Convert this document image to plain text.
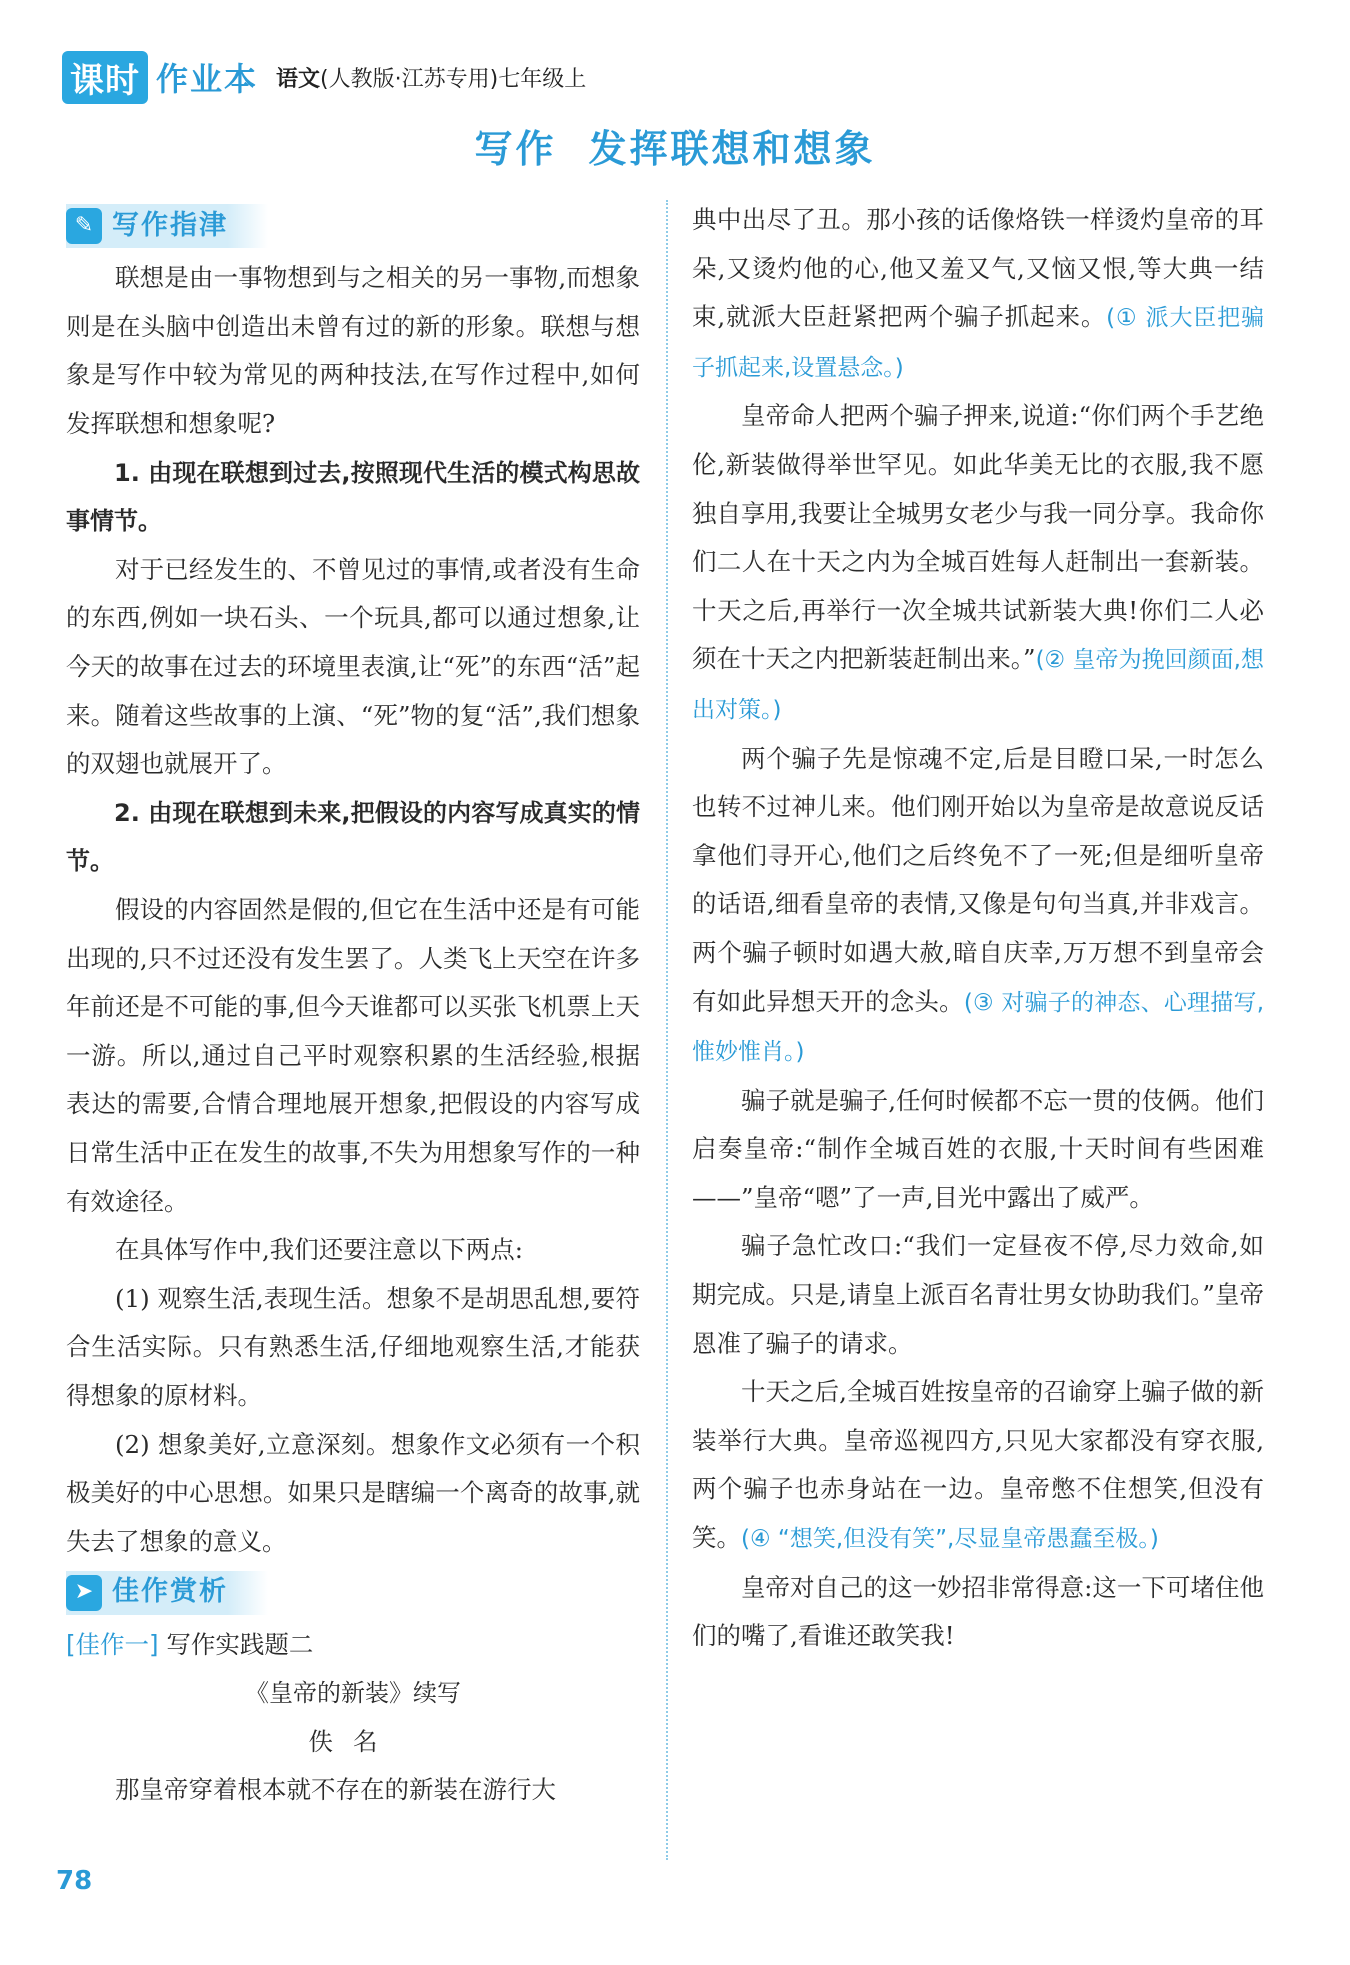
课时 作业本 语文(人教版·江苏专用)七年级上
写作 发挥联想和想象
✎ 写作指津

联想是由一事物想到与之相关的另一事物,而想象则是在头脑中创造出未曾有过的新的形象。联想与想象是写作中较为常见的两种技法,在写作过程中,如何发挥联想和想象呢?

1. 由现在联想到过去,按照现代生活的模式构思故事情节。

对于已经发生的、不曾见过的事情,或者没有生命的东西,例如一块石头、一个玩具,都可以通过想象,让今天的故事在过去的环境里表演,让“死”的东西“活”起来。随着这些故事的上演、“死”物的复“活”,我们想象的双翅也就展开了。

2. 由现在联想到未来,把假设的内容写成真实的情节。

假设的内容固然是假的,但它在生活中还是有可能出现的,只不过还没有发生罢了。人类飞上天空在许多年前还是不可能的事,但今天谁都可以买张飞机票上天一游。所以,通过自己平时观察积累的生活经验,根据表达的需要,合情合理地展开想象,把假设的内容写成日常生活中正在发生的故事,不失为用想象写作的一种有效途径。

在具体写作中,我们还要注意以下两点:

(1) 观察生活,表现生活。想象不是胡思乱想,要符合生活实际。只有熟悉生活,仔细地观察生活,才能获得想象的原材料。

(2) 想象美好,立意深刻。想象作文必须有一个积极美好的中心思想。如果只是瞎编一个离奇的故事,就失去了想象的意义。

➤ 佳作赏析

[佳作一] 写作实践题二

《皇帝的新装》续写

佚名

那皇帝穿着根本就不存在的新装在游行大

典中出尽了丑。那小孩的话像烙铁一样烫灼皇帝的耳朵,又烫灼他的心,他又羞又气,又恼又恨,等大典一结束,就派大臣赶紧把两个骗子抓起来。(① 派大臣把骗子抓起来,设置悬念。)

皇帝命人把两个骗子押来,说道:“你们两个手艺绝伦,新装做得举世罕见。如此华美无比的衣服,我不愿独自享用,我要让全城男女老少与我一同分享。我命你们二人在十天之内为全城百姓每人赶制出一套新装。十天之后,再举行一次全城共试新装大典!你们二人必须在十天之内把新装赶制出来。”(② 皇帝为挽回颜面,想出对策。)

两个骗子先是惊魂不定,后是目瞪口呆,一时怎么也转不过神儿来。他们刚开始以为皇帝是故意说反话拿他们寻开心,他们之后终免不了一死;但是细听皇帝的话语,细看皇帝的表情,又像是句句当真,并非戏言。两个骗子顿时如遇大赦,暗自庆幸,万万想不到皇帝会有如此异想天开的念头。(③ 对骗子的神态、心理描写,惟妙惟肖。)

骗子就是骗子,任何时候都不忘一贯的伎俩。他们启奏皇帝:“制作全城百姓的衣服,十天时间有些困难——”皇帝“嗯”了一声,目光中露出了威严。

骗子急忙改口:“我们一定昼夜不停,尽力效命,如期完成。只是,请皇上派百名青壮男女协助我们。”皇帝恩准了骗子的请求。

十天之后,全城百姓按皇帝的召谕穿上骗子做的新装举行大典。皇帝巡视四方,只见大家都没有穿衣服,两个骗子也赤身站在一边。皇帝憋不住想笑,但没有笑。(④ “想笑,但没有笑”,尽显皇帝愚蠢至极。)

皇帝对自己的这一妙招非常得意:这一下可堵住他们的嘴了,看谁还敢笑我!

78
